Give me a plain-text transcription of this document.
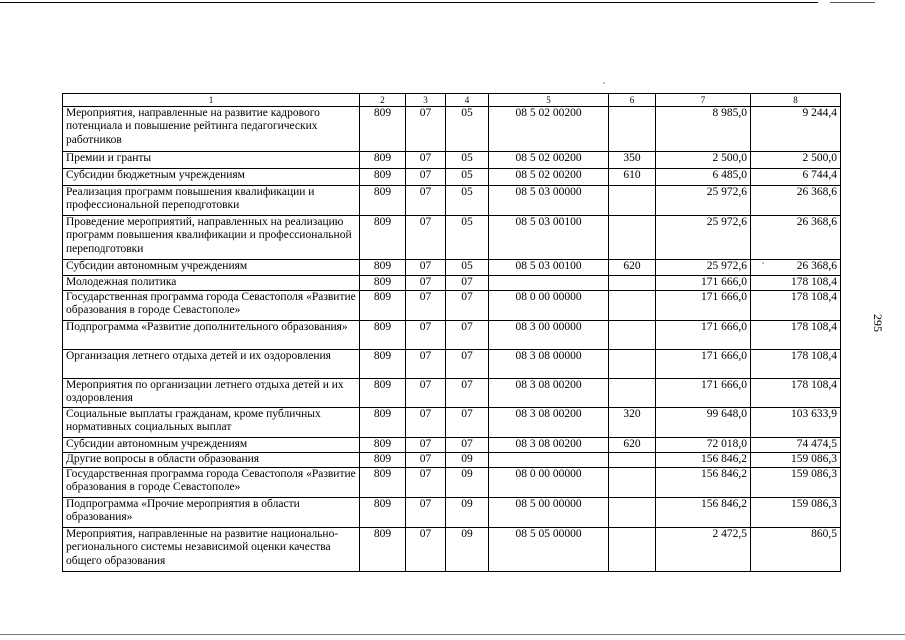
295
1	2	3	4	5	6	7	8
Мероприятия, направленные на развитие кадрового потенциала и повышение рейтинга педагогических работников	809	07	05	08 5 02 00200		8 985,0	9 244,4
Премии и гранты	809	07	05	08 5 02 00200	350	2 500,0	2 500,0
Субсидии бюджетным учреждениям	809	07	05	08 5 02 00200	610	6 485,0	6 744,4
Реализация программ повышения квалификации и профессиональной переподготовки	809	07	05	08 5 03 00000		25 972,6	26 368,6
Проведение мероприятий, направленных на реализацию программ повышения квалификации и профессиональной переподготовки	809	07	05	08 5 03 00100		25 972,6	26 368,6
Субсидии автономным учреждениям	809	07	05	08 5 03 00100	620	25 972,6	26 368,6
Молодежная политика	809	07	07			171 666,0	178 108,4
Государственная программа города Севастополя «Развитие образования в городе Севастополе»	809	07	07	08 0 00 00000		171 666,0	178 108,4
Подпрограмма «Развитие дополнительного образования»	809	07	07	08 3 00 00000		171 666,0	178 108,4
Организация летнего отдыха детей и их оздоровления	809	07	07	08 3 08 00000		171 666,0	178 108,4
Мероприятия по организации летнего отдыха детей и их оздоровления	809	07	07	08 3 08 00200		171 666,0	178 108,4
Социальные выплаты гражданам, кроме публичных нормативных социальных выплат	809	07	07	08 3 08 00200	320	99 648,0	103 633,9
Субсидии автономным учреждениям	809	07	07	08 3 08 00200	620	72 018,0	74 474,5
Другие вопросы в области образования	809	07	09			156 846,2	159 086,3
Государственная программа города Севастополя «Развитие образования в городе Севастополе»	809	07	09	08 0 00 00000		156 846,2	159 086,3
Подпрограмма «Прочие мероприятия в области образования»	809	07	09	08 5 00 00000		156 846,2	159 086,3
Мероприятия, направленные на развитие национально-регионального системы независимой оценки качества общего образования	809	07	09	08 5 05 00000		2 472,5	860,5
